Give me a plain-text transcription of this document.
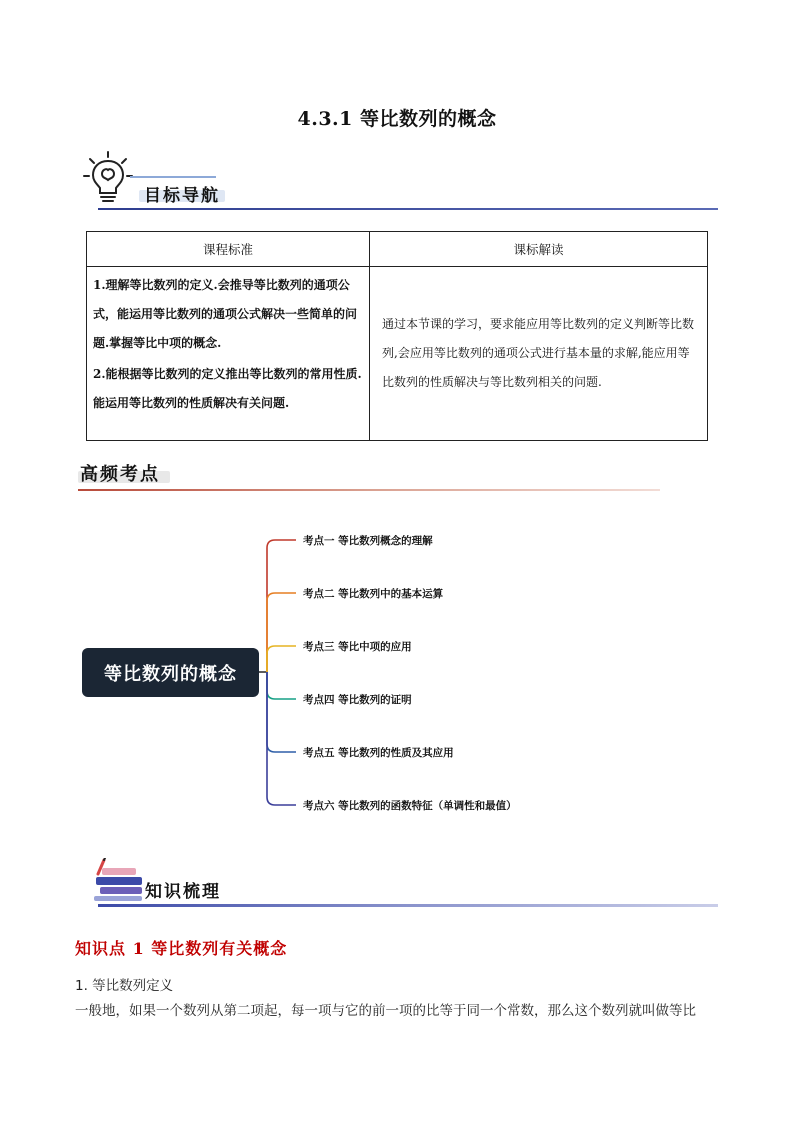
4.3.1 等比数列的概念
目标导航
课程标准	课标解读

1.理解等比数列的定义.会推导等比数列的通项公式，能运用等比数列的通项公式解决一些简单的问题.掌握等比中项的概念.
2.能根据等比数列的定义推出等比数列的常用性质.能运用等比数列的性质解决有关问题.	通过本节课的学习，要求能应用等比数列的定义判断等比数列,会应用等比数列的通项公式进行基本量的求解,能应用等比数列的性质解决与等比数列相关的问题.
高频考点
等比数列的概念
考点一 等比数列概念的理解
考点二 等比数列中的基本运算
考点三 等比中项的应用
考点四 等比数列的证明
考点五 等比数列的性质及其应用
考点六 等比数列的函数特征（单调性和最值）
知识梳理
知识点 1 等比数列有关概念
1. 等比数列定义
一般地，如果一个数列从第二项起，每一项与它的前一项的比等于同一个常数，那么这个数列就叫做等比
